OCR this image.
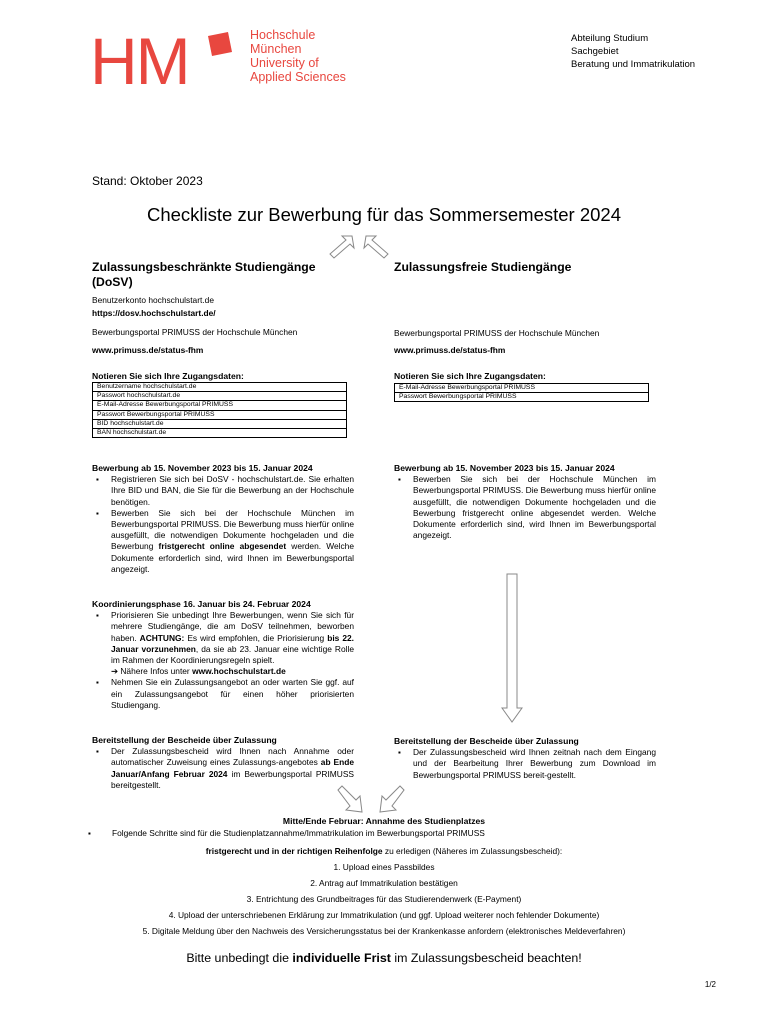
HM	Hochschule
München
University of
Applied Sciences
Abteilung Studium
Sachgebiet
Beratung und Immatrikulation
Stand: Oktober 2023
Checkliste zur Bewerbung für das Sommersemester 2024
Zulassungsbeschränkte Studiengänge
(DoSV)
Benutzerkonto hochschulstart.de
https://dosv.hochschulstart.de/
Bewerbungsportal PRIMUSS der Hochschule München
www.primuss.de/status-fhm
Notieren Sie sich Ihre Zugangsdaten:
Benutzername hochschulstart.de
Passwort hochschulstart.de
E-Mail-Adresse Bewerbungsportal PRIMUSS
Passwort Bewerbungsportal PRIMUSS
BID hochschulstart.de
BAN hochschulstart.de
Bewerbung ab 15. November 2023 bis 15. Januar 2024
▪ Registrieren Sie sich bei DoSV - hochschulstart.de. Sie erhalten Ihre BID und BAN, die Sie für die Bewerbung an der Hochschule benötigen.
▪ Bewerben Sie sich bei der Hochschule München im Bewerbungsportal PRIMUSS. Die Bewerbung muss hierfür online ausgefüllt, die notwendigen Dokumente hochgeladen und die Bewerbung fristgerecht online abgesendet werden. Welche Dokumente erforderlich sind, wird Ihnen im Bewerbungsportal angezeigt.
Koordinierungsphase 16. Januar bis 24. Februar 2024
▪ Priorisieren Sie unbedingt Ihre Bewerbungen, wenn Sie sich für mehrere Studiengänge, die am DoSV teilnehmen, beworben haben. ACHTUNG: Es wird empfohlen, die Priorisierung bis 22. Januar vorzunehmen, da sie ab 23. Januar eine wichtige Rolle im Rahmen der Koordinierungsregeln spielt.
➔ Nähere Infos unter www.hochschulstart.de
▪ Nehmen Sie ein Zulassungsangebot an oder warten Sie ggf. auf ein Zulassungsangebot für einen höher priorisierten Studiengang.
Bereitstellung der Bescheide über Zulassung
▪ Der Zulassungsbescheid wird Ihnen nach Annahme oder automatischer Zuweisung eines Zulassungs-angebotes ab Ende Januar/Anfang Februar 2024 im Bewerbungsportal PRIMUSS bereitgestellt.
Zulassungsfreie Studiengänge
Bewerbungsportal PRIMUSS der Hochschule München
www.primuss.de/status-fhm
Notieren Sie sich Ihre Zugangsdaten:
E-Mail-Adresse Bewerbungsportal PRIMUSS
Passwort Bewerbungsportal PRIMUSS
Bewerbung ab 15. November 2023 bis 15. Januar 2024
▪ Bewerben Sie sich bei der Hochschule München im Bewerbungsportal PRIMUSS. Die Bewerbung muss hierfür online ausgefüllt, die notwendigen Dokumente hochgeladen und die Bewerbung fristgerecht online abgesendet werden. Welche Dokumente erforderlich sind, wird Ihnen im Bewerbungsportal angezeigt.
Bereitstellung der Bescheide über Zulassung
▪ Der Zulassungsbescheid wird Ihnen zeitnah nach dem Eingang und der Bearbeitung Ihrer Bewerbung zum Download im Bewerbungsportal PRIMUSS bereit-gestellt.
Mitte/Ende Februar: Annahme des Studienplatzes
▪	Folgende Schritte sind für die Studienplatzannahme/Immatrikulation im Bewerbungsportal PRIMUSS
fristgerecht und in der richtigen Reihenfolge zu erledigen (Näheres im Zulassungsbescheid):
1. Upload eines Passbildes
2. Antrag auf Immatrikulation bestätigen
3. Entrichtung des Grundbeitrages für das Studierendenwerk (E-Payment)
4. Upload der unterschriebenen Erklärung zur Immatrikulation (und ggf. Upload weiterer noch fehlender Dokumente)
5. Digitale Meldung über den Nachweis des Versicherungsstatus bei der Krankenkasse anfordern (elektronisches Meldeverfahren)
Bitte unbedingt die individuelle Frist im Zulassungsbescheid beachten!
1/2
